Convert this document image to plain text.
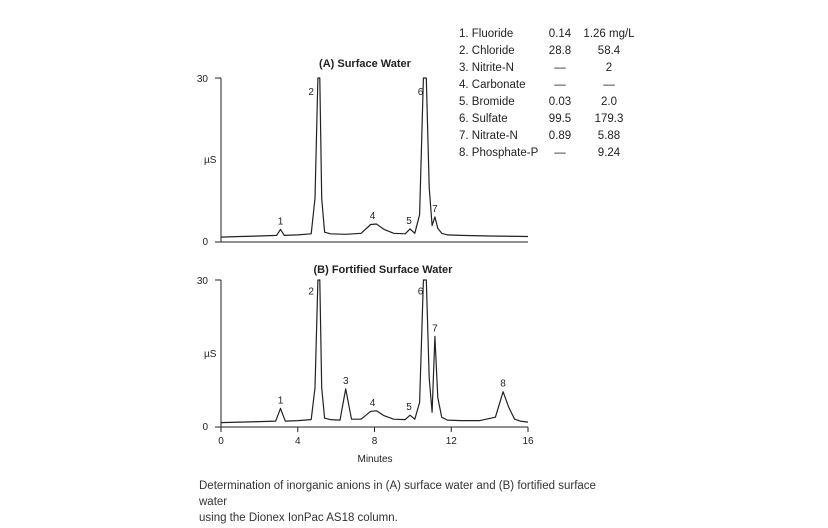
(A) Surface Water
µS
0
30
1
2
4	5
6
7
(B) Fortified Surface Water
µS
0
30
0	4	8	12	16
Minutes
1
2
3
4	5
6
7
8
1. Fluoride	0.14 1.26 mg/L
2. Chloride	28.8 58.4
3. Nitrite-N	—	2
4. Carbonate	—	—
5. Bromide	0.03	2.0
6. Sulfate	99.5 179.3
7. Nitrate-N	0.89 5.88
8. Phosphate-P —	9.24

Determination of inorganic anions in (A) surface water and (B) fortified surface water

using the Dionex IonPac AS18 column.
